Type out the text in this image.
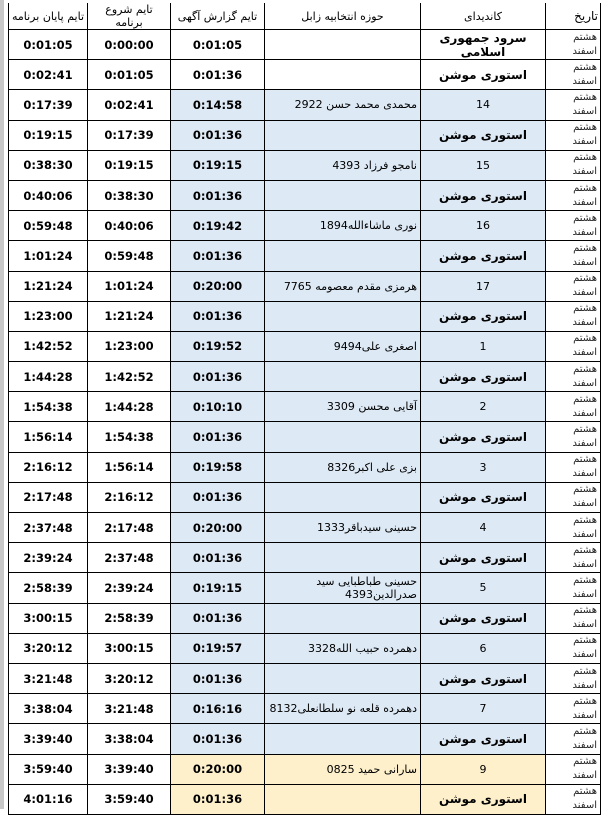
تاریخ	کاندیدای	حوزه انتخابیه زابل	تایم گزارش آگهی	تایم شروع برنامه	تایم پایان برنامه
هشتم
اسفند	سرود جمهوری اسلامی		0:01:05	0:00:00	0:01:05
هشتم
اسفند	استوری موشن		0:01:36	0:01:05	0:02:41
هشتم
اسفند	14	محمدی محمد حسن 2922	0:14:58	0:02:41	0:17:39
هشتم
اسفند	استوری موشن		0:01:36	0:17:39	0:19:15
هشتم
اسفند	15	نامجو فرزاد 4393	0:19:15	0:19:15	0:38:30
هشتم
اسفند	استوری موشن		0:01:36	0:38:30	0:40:06
هشتم
اسفند	16	نوری ماشاءالله1894	0:19:42	0:40:06	0:59:48
هشتم
اسفند	استوری موشن		0:01:36	0:59:48	1:01:24
هشتم
اسفند	17	هرمزی مقدم معصومه 7765	0:20:00	1:01:24	1:21:24
هشتم
اسفند	استوری موشن		0:01:36	1:21:24	1:23:00
هشتم
اسفند	1	اصغری علی9494	0:19:52	1:23:00	1:42:52
هشتم
اسفند	استوری موشن		0:01:36	1:42:52	1:44:28
هشتم
اسفند	2	آقایی محسن 3309	0:10:10	1:44:28	1:54:38
هشتم
اسفند	استوری موشن		0:01:36	1:54:38	1:56:14
هشتم
اسفند	3	بزی علی اکبر8326	0:19:58	1:56:14	2:16:12
هشتم
اسفند	استوری موشن		0:01:36	2:16:12	2:17:48
هشتم
اسفند	4	حسینی سیدباقر1333	0:20:00	2:17:48	2:37:48
هشتم
اسفند	استوری موشن		0:01:36	2:37:48	2:39:24
هشتم
اسفند	5	حسینی طباطبایی سید صدرالدین4393	0:19:15	2:39:24	2:58:39
هشتم
اسفند	استوری موشن		0:01:36	2:58:39	3:00:15
هشتم
اسفند	6	دهمرده حبیب الله3328	0:19:57	3:00:15	3:20:12
هشتم
اسفند	استوری موشن		0:01:36	3:20:12	3:21:48
هشتم
اسفند	7	دهمرده قلعه نو سلطانعلی8132	0:16:16	3:21:48	3:38:04
هشتم
اسفند	استوری موشن		0:01:36	3:38:04	3:39:40
هشتم
اسفند	9	سارانی حمید 0825	0:20:00	3:39:40	3:59:40
هشتم
اسفند	استوری موشن		0:01:36	3:59:40	4:01:16
